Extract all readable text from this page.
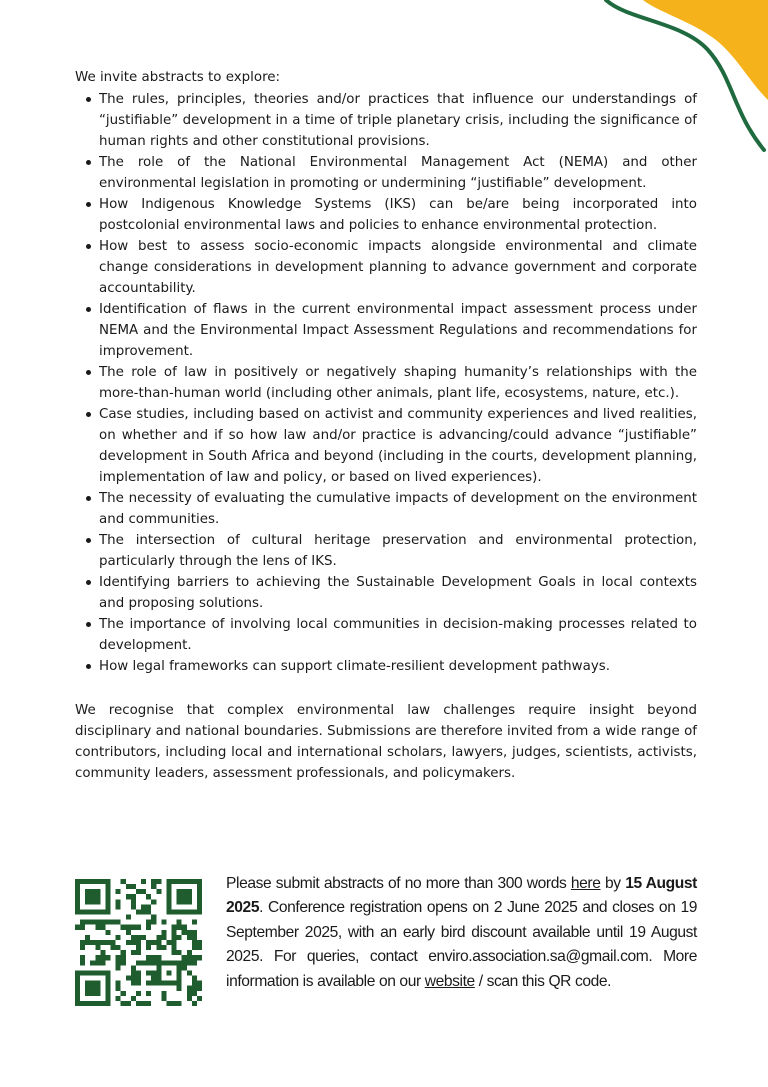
We invite abstracts to explore:

The rules, principles, theories and/or practices that influence our understandings of “justifiable” development in a time of triple planetary crisis, including the significance of human rights and other constitutional provisions.
The role of the National Environmental Management Act (NEMA) and other environmental legislation in promoting or undermining “justifiable” development.
How Indigenous Knowledge Systems (IKS) can be/are being incorporated into postcolonial environmental laws and policies to enhance environmental protection.
How best to assess socio-economic impacts alongside environmental and climate change considerations in development planning to advance government and corporate accountability.
Identification of flaws in the current environmental impact assessment process under NEMA and the Environmental Impact Assessment Regulations and recommendations for improvement.
The role of law in positively or negatively shaping humanity’s relationships with the more-than-human world (including other animals, plant life, ecosystems, nature, etc.).
Case studies, including based on activist and community experiences and lived realities, on whether and if so how law and/or practice is advancing/could advance “justifiable” development in South Africa and beyond (including in the courts, development planning, implementation of law and policy, or based on lived experiences).
The necessity of evaluating the cumulative impacts of development on the environment and communities.
The intersection of cultural heritage preservation and environmental protection, particularly through the lens of IKS.
Identifying barriers to achieving the Sustainable Development Goals in local contexts and proposing solutions.
The importance of involving local communities in decision-making processes related to development.
How legal frameworks can support climate-resilient development pathways.

We recognise that complex environmental law challenges require insight beyond disciplinary and national boundaries. Submissions are therefore invited from a wide range of contributors, including local and international scholars, lawyers, judges, scientists, activists, community leaders, assessment professionals, and policymakers.

Please submit abstracts of no more than 300 words here by 15 August 2025. Conference registration opens on 2 June 2025 and closes on 19 September 2025, with an early bird discount available until 19 August 2025. For queries, contact enviro.association.sa@gmail.com. More information is available on our website / scan this QR code.
